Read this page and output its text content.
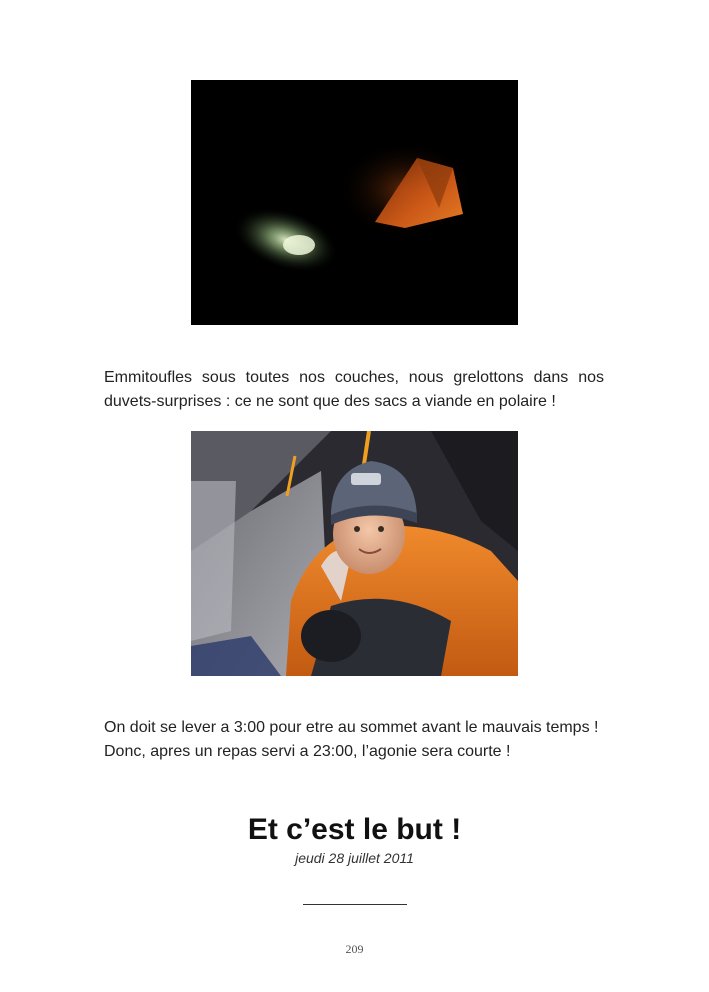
Emmitoufles sous toutes nos couches, nous grelottons dans nos
duvets-surprises : ce ne sont que des sacs a viande en polaire !

On doit se lever a 3:00 pour etre au sommet avant le mauvais temps !
Donc, apres un repas servi a 23:00, l’agonie sera courte !

Et c’est le but !
jeudi 28 juillet 2011
209
